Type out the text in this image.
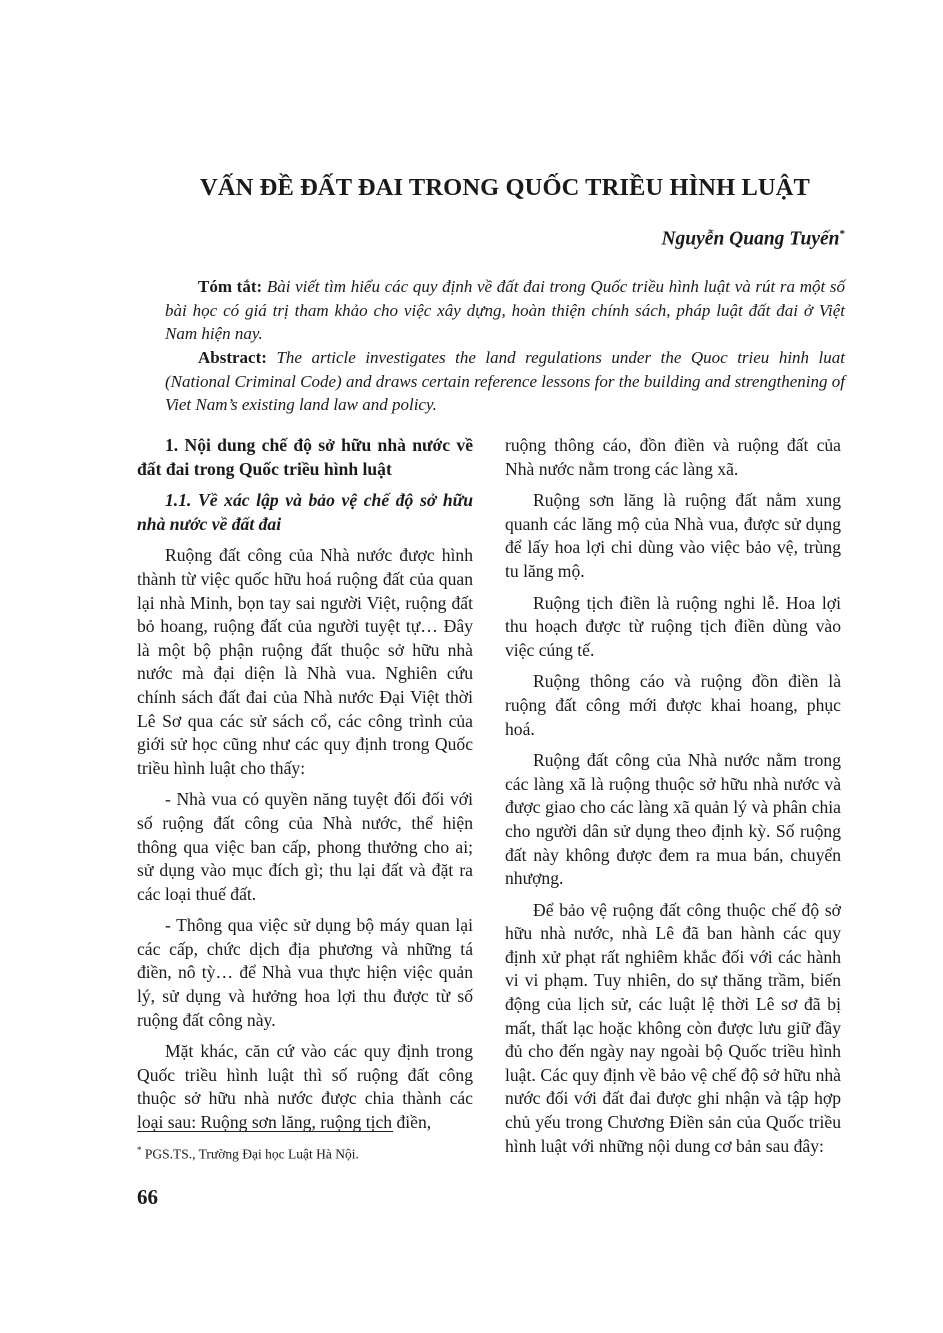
VẤN ĐỀ ĐẤT ĐAI TRONG QUỐC TRIỀU HÌNH LUẬT
Nguyễn Quang Tuyến*
Tóm tắt: Bài viết tìm hiểu các quy định về đất đai trong Quốc triều hình luật và rút ra một số bài học có giá trị tham khảo cho việc xây dựng, hoàn thiện chính sách, pháp luật đất đai ở Việt Nam hiện nay.
Abstract: The article investigates the land regulations under the Quoc trieu hinh luat (National Criminal Code) and draws certain reference lessons for the building and strengthening of Viet Nam’s existing land law and policy.
1. Nội dung chế độ sở hữu nhà nước về đất đai trong Quốc triều hình luật
1.1. Về xác lập và bảo vệ chế độ sở hữu nhà nước về đất đai

Ruộng đất công của Nhà nước được hình thành từ việc quốc hữu hoá ruộng đất của quan lại nhà Minh, bọn tay sai người Việt, ruộng đất bỏ hoang, ruộng đất của người tuyệt tự… Đây là một bộ phận ruộng đất thuộc sở hữu nhà nước mà đại diện là Nhà vua. Nghiên cứu chính sách đất đai của Nhà nước Đại Việt thời Lê Sơ qua các sử sách cổ, các công trình của giới sử học cũng như các quy định trong Quốc triều hình luật cho thấy:

- Nhà vua có quyền năng tuyệt đối đối với số ruộng đất công của Nhà nước, thể hiện thông qua việc ban cấp, phong thưởng cho ai; sử dụng vào mục đích gì; thu lại đất và đặt ra các loại thuế đất.

- Thông qua việc sử dụng bộ máy quan lại các cấp, chức dịch địa phương và những tá điền, nô tỳ… để Nhà vua thực hiện việc quản lý, sử dụng và hưởng hoa lợi thu được từ số ruộng đất công này.

Mặt khác, căn cứ vào các quy định trong Quốc triều hình luật thì số ruộng đất công thuộc sở hữu nhà nước được chia thành các loại sau: Ruộng sơn lăng, ruộng tịch điền,

ruộng thông cáo, đồn điền và ruộng đất của Nhà nước nằm trong các làng xã.

Ruộng sơn lăng là ruộng đất nằm xung quanh các lăng mộ của Nhà vua, được sử dụng để lấy hoa lợi chi dùng vào việc bảo vệ, trùng tu lăng mộ.

Ruộng tịch điền là ruộng nghi lễ. Hoa lợi thu hoạch được từ ruộng tịch điền dùng vào việc cúng tế.

Ruộng thông cáo và ruộng đồn điền là ruộng đất công mới được khai hoang, phục hoá.

Ruộng đất công của Nhà nước nằm trong các làng xã là ruộng thuộc sở hữu nhà nước và được giao cho các làng xã quản lý và phân chia cho người dân sử dụng theo định kỳ. Số ruộng đất này không được đem ra mua bán, chuyển nhượng.

Để bảo vệ ruộng đất công thuộc chế độ sở hữu nhà nước, nhà Lê đã ban hành các quy định xử phạt rất nghiêm khắc đối với các hành vi vi phạm. Tuy nhiên, do sự thăng trầm, biến động của lịch sử, các luật lệ thời Lê sơ đã bị mất, thất lạc hoặc không còn được lưu giữ đầy đủ cho đến ngày nay ngoài bộ Quốc triều hình luật. Các quy định về bảo vệ chế độ sở hữu nhà nước đối với đất đai được ghi nhận và tập hợp chủ yếu trong Chương Điền sản của Quốc triều hình luật với những nội dung cơ bản sau đây:

* PGS.TS., Trường Đại học Luật Hà Nội.
66
